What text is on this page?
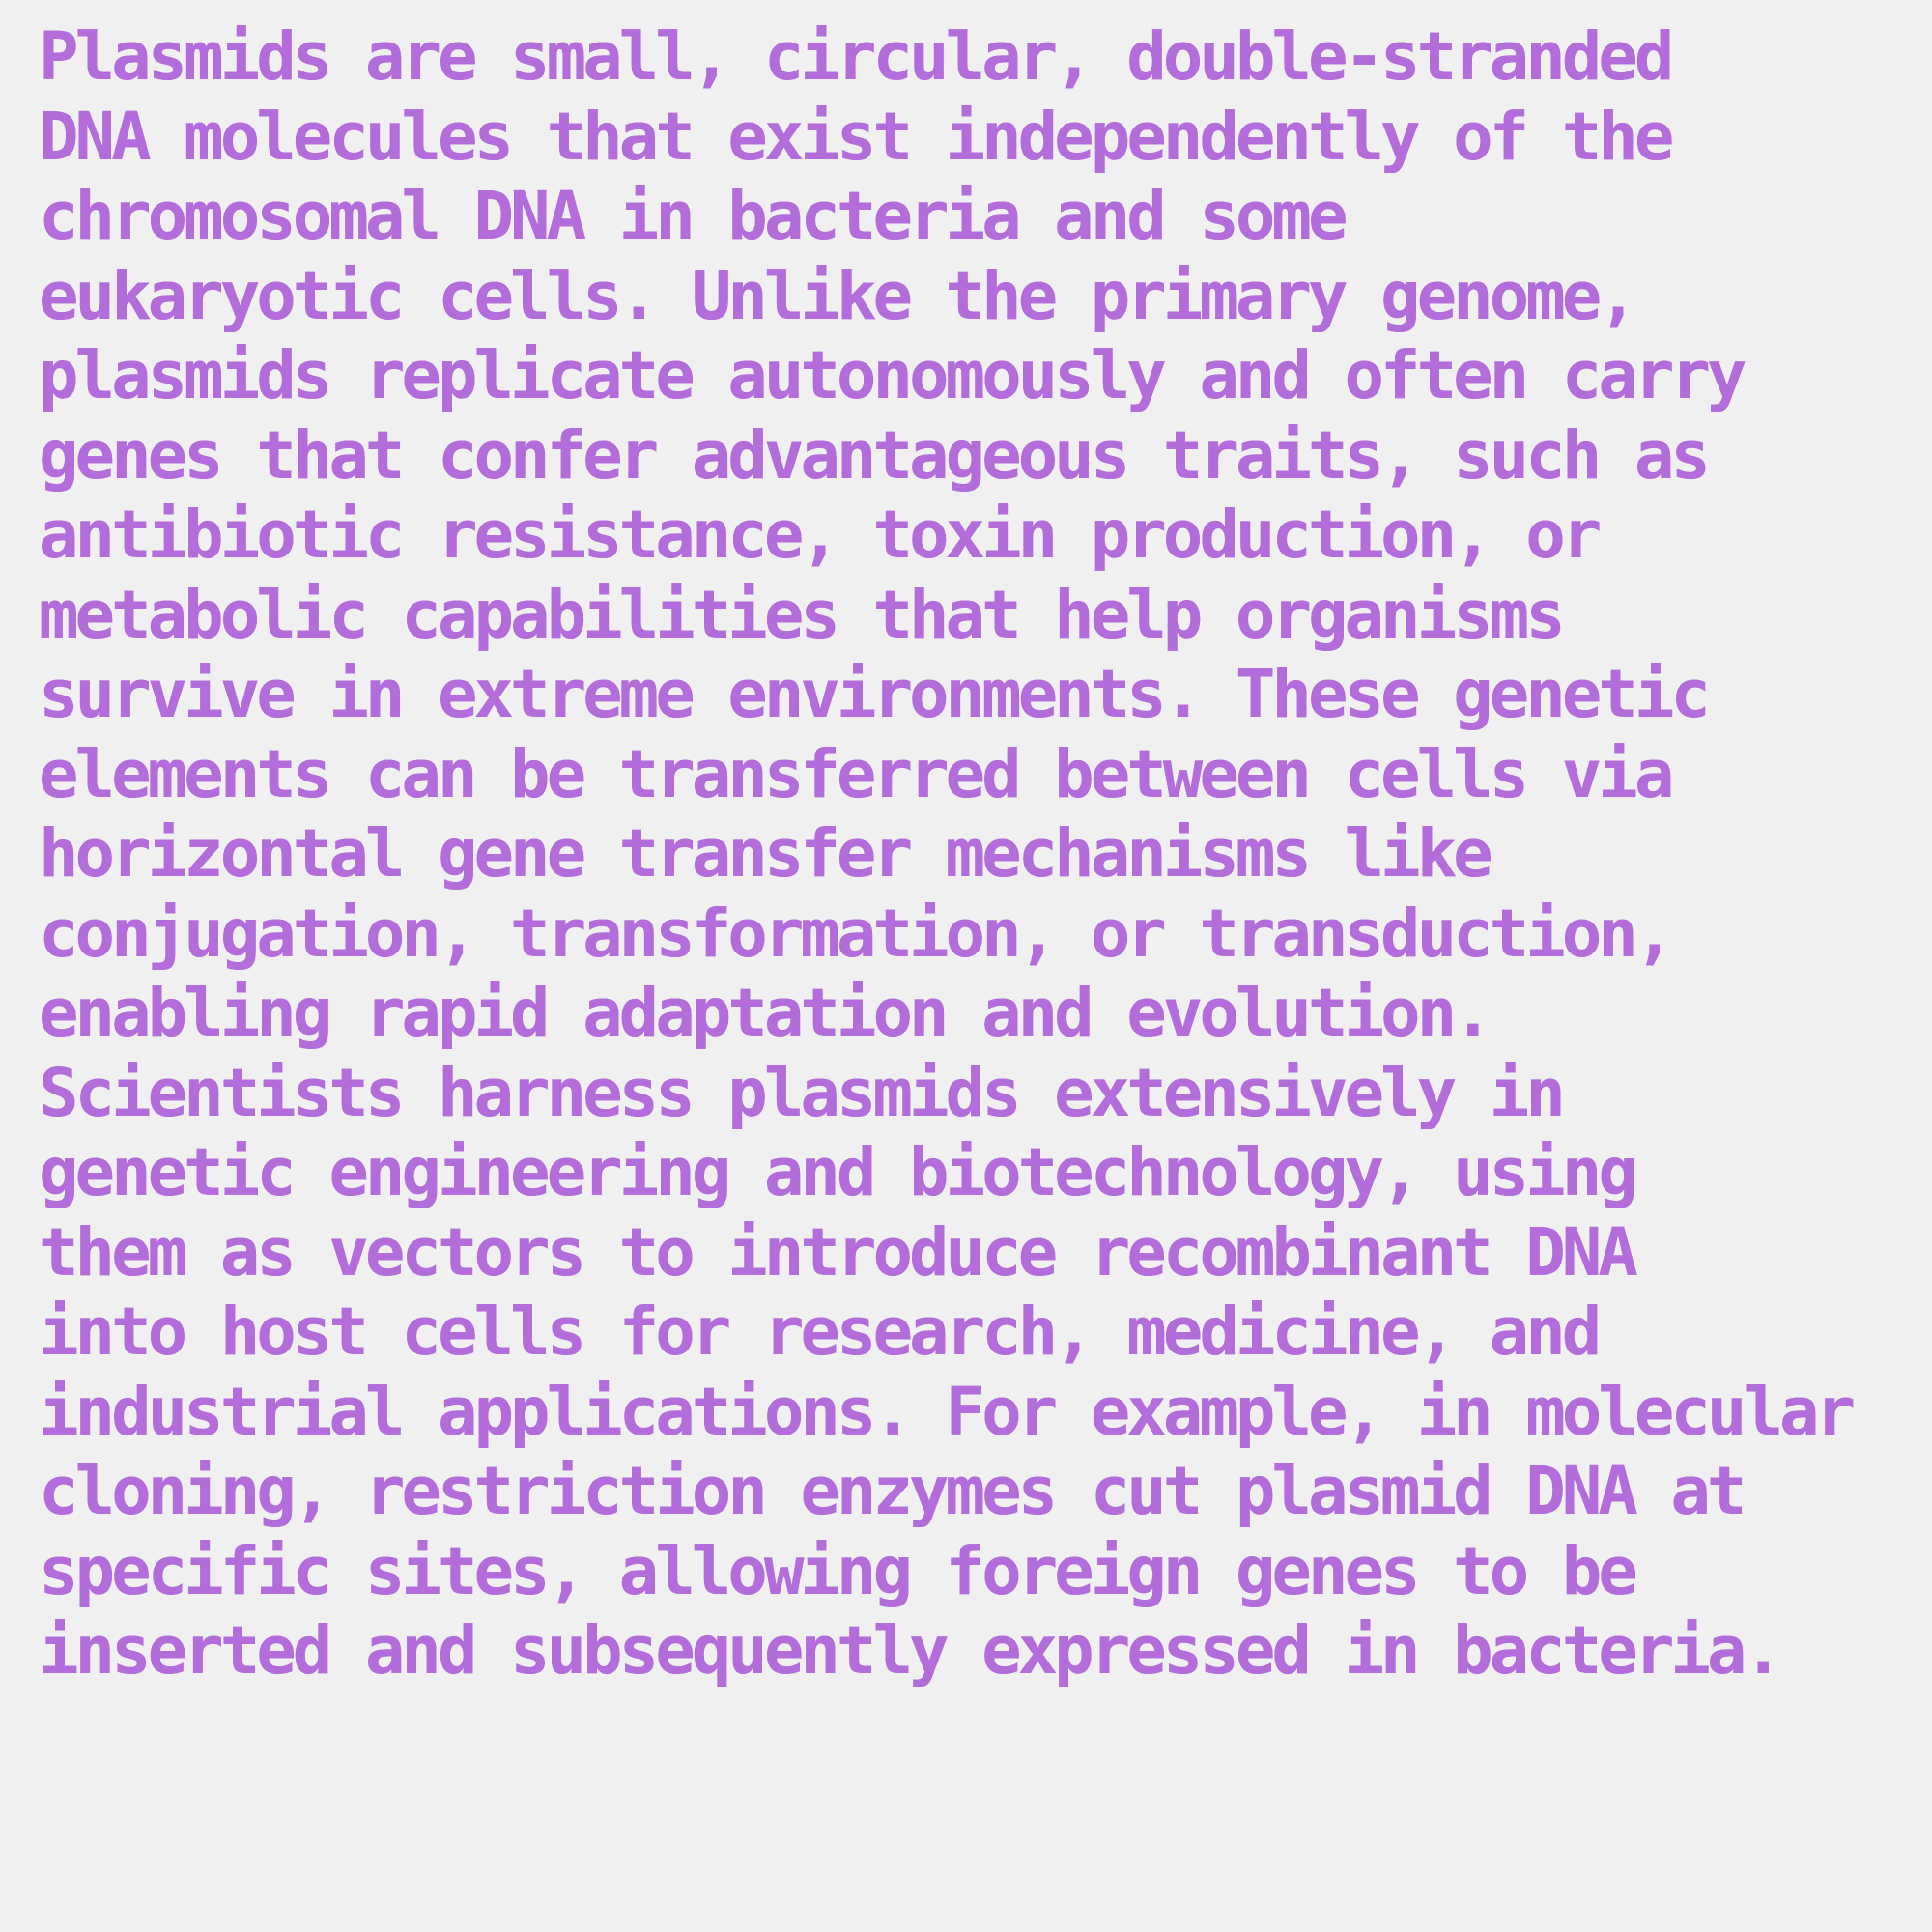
Plasmids are small, circular, double-stranded
DNA molecules that exist independently of the
chromosomal DNA in bacteria and some
eukaryotic cells. Unlike the primary genome,
plasmids replicate autonomously and often carry
genes that confer advantageous traits, such as
antibiotic resistance, toxin production, or
metabolic capabilities that help organisms
survive in extreme environments. These genetic
elements can be transferred between cells via
horizontal gene transfer mechanisms like
conjugation, transformation, or transduction,
enabling rapid adaptation and evolution.
Scientists harness plasmids extensively in
genetic engineering and biotechnology, using
them as vectors to introduce recombinant DNA
into host cells for research, medicine, and
industrial applications. For example, in molecular
cloning, restriction enzymes cut plasmid DNA at
specific sites, allowing foreign genes to be
inserted and subsequently expressed in bacteria.
